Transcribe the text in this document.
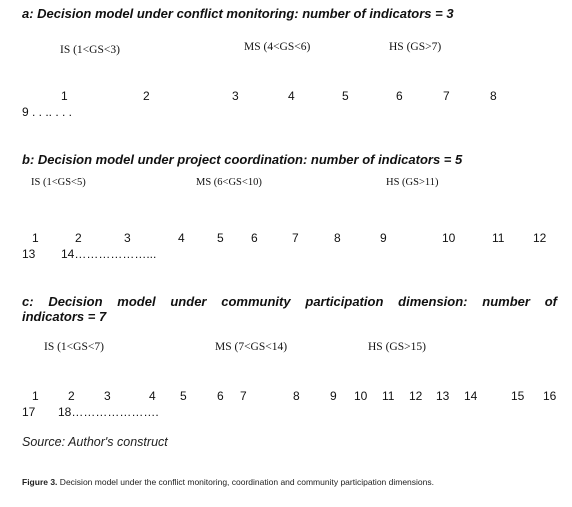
a: Decision model under conflict monitoring: number of indicators = 3
IS (1<GS<3)	MS (4<GS<6)	HS (GS>7)
1	2	3	4	5	6	7	8
9 . . .. . . .
b: Decision model under project coordination: number of indicators = 5
IS (1<GS<5)	MS (6<GS<10)	HS (GS>11)
1	2	3	4	5 6	7	8	9	10	11 12
13 14………………...
c: Decision model under community participation dimension: number of
indicators = 7
IS (1<GS<7)	MS (7<GS<14)	HS (GS>15)
1 2 3	4 5	6 7	8	9 10 11 12 13 14	15 16
17 18………………….
Source: Author's construct
Figure 3. Decision model under the conflict monitoring, coordination and community participation dimensions.
